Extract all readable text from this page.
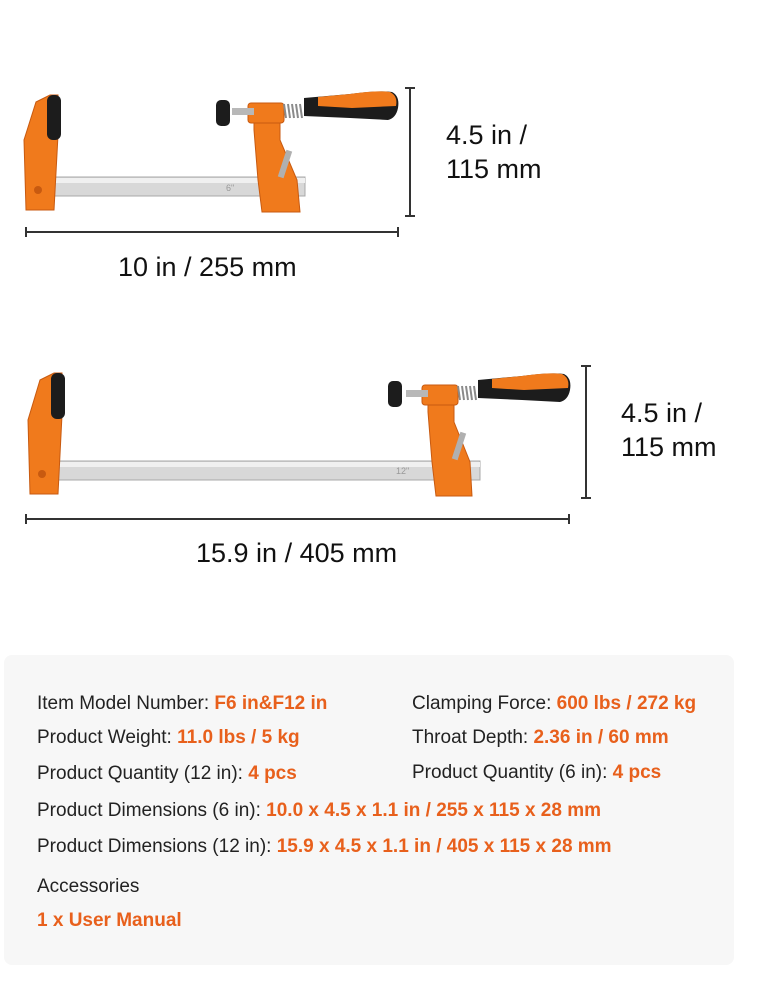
6"
4.5 in /
115 mm
10 in / 255 mm
12"
4.5 in /
115 mm
15.9 in / 405 mm
Item Model Number: F6 in&F12 in	Clamping Force: 600 lbs / 272 kg
Product Weight: 11.0 lbs / 5 kg	Throat Depth: 2.36 in / 60 mm
Product Quantity (12 in): 4 pcs	Product Quantity (6 in): 4 pcs
Product Dimensions (6 in): 10.0 x 4.5 x 1.1 in / 255 x 115 x 28 mm
Product Dimensions (12 in): 15.9 x 4.5 x 1.1 in / 405 x 115 x 28 mm
Accessories
1 x User Manual
